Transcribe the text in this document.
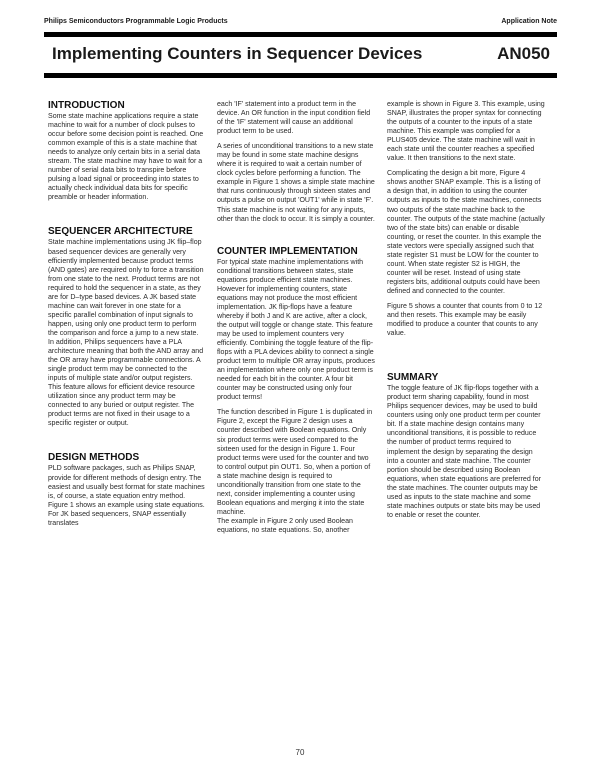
Philips Semiconductors Programmable Logic Products	Application Note
Implementing Counters in Sequencer Devices	AN050
INTRODUCTION

Some state machine applications require a state machine to wait for a number of clock pulses to occur before some decision point is reached. One common example of this is a state machine that needs to analyze only certain bits in a serial data stream. The state machine may have to wait for a number of serial data bits to transpire before pulsing a load signal or proceeding into states to actually check individual data bits for specific preamble or header information.

SEQUENCER ARCHITECTURE

State machine implementations using JK flip–flop based sequencer devices are generally very efficiently implemented because product terms (AND gates) are required only to force a transition from one state to the next. Product terms are not required to hold the sequencer in a state, as they are for D–type based devices. A JK based state machine can wait forever in one state for a specific parallel combination of input signals to happen, using only one product term to perform the comparison and force a jump to a new state. In addition, Philips sequencers have a PLA architecture meaning that both the AND array and the OR array have programmable connections. A single product term may be connected to the inputs of multiple state and/or output registers. This feature allows for efficient device resource utilization since any product term may be connected to any buried or output register. The product terms are not fixed in their usage to a specific register or output.

DESIGN METHODS

PLD software packages, such as Philips SNAP, provide for different methods of design entry. The easiest and usually best format for state machines is, of course, a state equation entry method. Figure 1 shows an example using state equations. For JK based sequencers, SNAP essentially translates

each 'IF' statement into a product term in the device. An OR function in the input condition field of the 'IF' statement will cause an additional product term to be used.

A series of unconditional transitions to a new state may be found in some state machine designs where it is required to wait a certain number of clock cycles before performing a function. The example in Figure 1 shows a simple state machine that runs continuously through sixteen states and outputs a pulse on output 'OUT1' while in state 'F'. This state machine is not waiting for any inputs, other than the clock to occur. It is simply a counter.

COUNTER IMPLEMENTATION

For typical state machine implementations with conditional transitions between states, state equations produce efficient state machines. However for implementing counters, state equations may not produce the most efficient implementation. JK flip-flops have a feature whereby if both J and K are active, after a clock, the output will toggle or change state. This feature may be used to implement counters very efficiently. Combining the toggle feature of the flip-flops with a PLA devices ability to connect a single product term to multiple OR array inputs, produces an implementation where only one product term is needed for each bit in the counter. A four bit counter may be constructed using only four product terms!

The function described in Figure 1 is duplicated in Figure 2, except the Figure 2 design uses a counter described with Boolean equations. Only six product terms were used compared to the sixteen used for the design in Figure 1. Four product terms were used for the counter and two to control output pin OUT1. So, when a portion of a state machine design is required to unconditionally transition from one state to the next, consider implementing a counter using Boolean equations and merging it into the state machine.

The example in Figure 2 only used Boolean equations, no state equations. So, another

example is shown in Figure 3. This example, using SNAP, illustrates the proper syntax for connecting the outputs of a counter to the inputs of a state machine. This example was complied for a PLUS405 device. The state machine will wait in each state until the counter reaches a specified value. It then transitions to the next state.

Complicating the design a bit more, Figure 4 shows another SNAP example. This is a listing of a design that, in addition to using the counter outputs as inputs to the state machines, connects two outputs of the state machine back to the counter. The outputs of the state machine (actually two of the state bits) can enable or disable counting, or reset the counter. In this example the state vectors were specially assigned such that state register S1 must be LOW for the counter to count. When state register S2 is HIGH, the counter will be reset. Instead of using state registers bits, additional outputs could have been defined and connected to the counter.

Figure 5 shows a counter that counts from 0 to 12 and then resets. This example may be easily modified to produce a counter that counts to any value.

SUMMARY

The toggle feature of JK flip-flops together with a product term sharing capability, found in most Philips sequencer devices, may be used to build counters using only one product term per counter bit. If a state machine design contains many unconditional transitions, it is possible to reduce the number of product terms required to implement the design by separating the design into a counter and state machine. The counter portion should be described using Boolean equations, when state equations are preferred for the state machines. The counter outputs may be used as inputs to the state machine and some state machines outputs or state bits may be used to enable or reset the counter.

70
